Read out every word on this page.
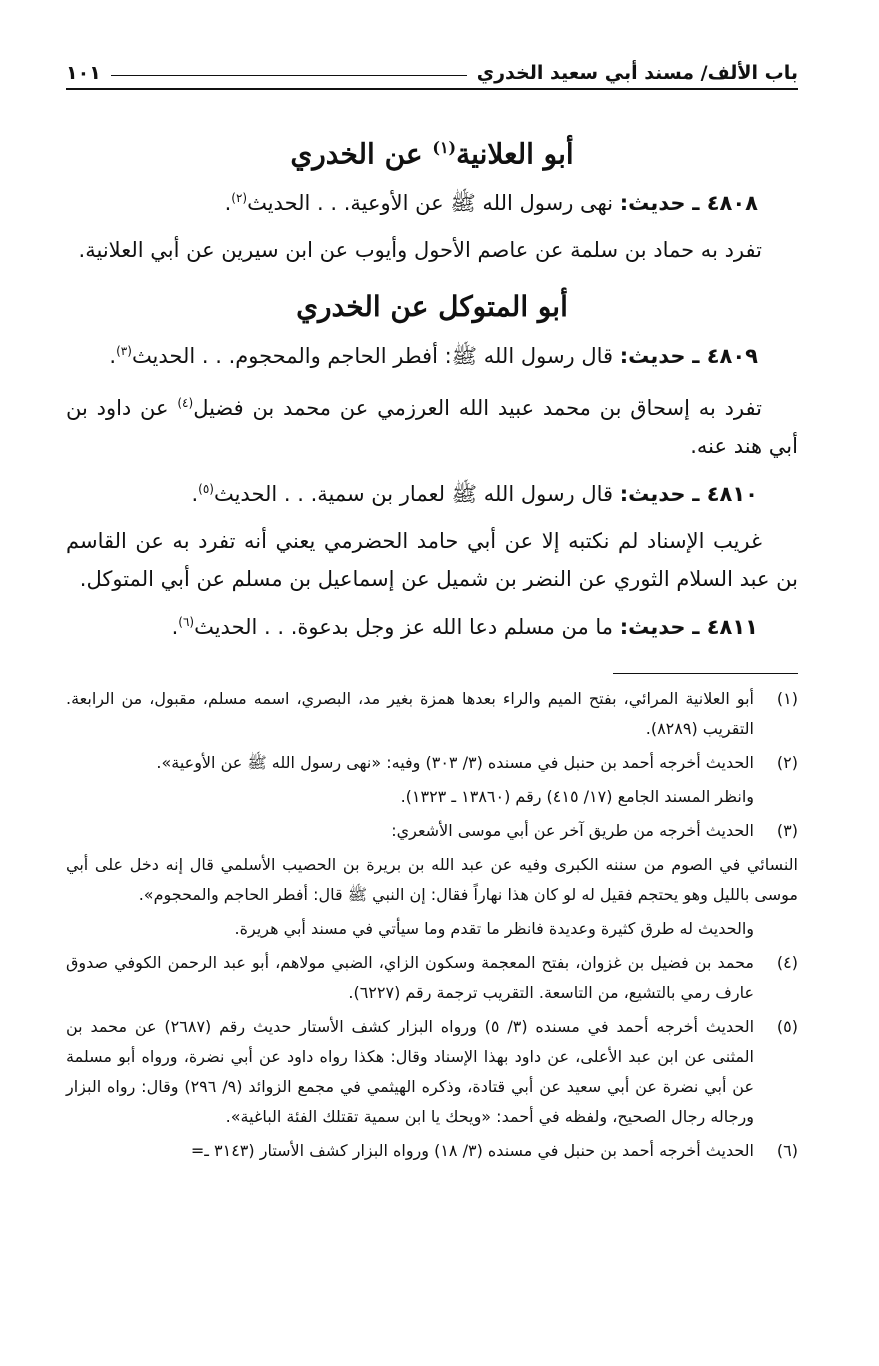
باب الألف/ مسند أبي سعيد الخدري
١٠١
أبو العلانية$^{(١)}$ عن الخدري

٤٨٠٨ ـ حديث: نهى رسول الله ﷺ عن الأوعية. . . الحديث$^{(٢)}$.

تفرد به حماد بن سلمة عن عاصم الأحول وأيوب عن ابن سيرين عن أبي العلانية.

أبو المتوكل عن الخدري

٤٨٠٩ ـ حديث: قال رسول الله ﷺ: أفطر الحاجم والمحجوم. . . الحديث$^{(٣)}$.

تفرد به إسحاق بن محمد عبيد الله العرزمي عن محمد بن فضيل$^{(٤)}$ عن داود بن أبي هند عنه.

٤٨١٠ ـ حديث: قال رسول الله ﷺ لعمار بن سمية. . . الحديث$^{(٥)}$.

غريب الإسناد لم نكتبه إلا عن أبي حامد الحضرمي يعني أنه تفرد به عن القاسم بن عبد السلام الثوري عن النضر بن شميل عن إسماعيل بن مسلم عن أبي المتوكل.

٤٨١١ ـ حديث: ما من مسلم دعا الله عز وجل بدعوة. . . الحديث$^{(٦)}$.

(١)
أبو العلانية المرائي، بفتح الميم والراء بعدها همزة بغير مد، البصري، اسمه مسلم، مقبول، من الرابعة. التقريب (٨٢٨٩).
(٢)
الحديث أخرجه أحمد بن حنبل في مسنده (٣/ ٣٠٣) وفيه: «نهى رسول الله ﷺ عن الأوعية».
وانظر المسند الجامع (١٧/ ٤١٥) رقم (١٣٨٦٠ ـ ١٣٢٣).
(٣)
الحديث أخرجه من طريق آخر عن أبي موسى الأشعري:
النسائي في الصوم من سننه الكبرى وفيه عن عبد الله بن بريرة بن الحصيب الأسلمي قال إنه دخل على أبي موسى بالليل وهو يحتجم فقيل له لو كان هذا نهاراً فقال: إن النبي ﷺ قال: أفطر الحاجم والمحجوم».
والحديث له طرق كثيرة وعديدة فانظر ما تقدم وما سيأتي في مسند أبي هريرة.
(٤)
محمد بن فضيل بن غزوان، بفتح المعجمة وسكون الزاي، الضبي مولاهم، أبو عبد الرحمن الكوفي صدوق عارف رمي بالتشيع، من التاسعة. التقريب ترجمة رقم (٦٢٢٧).
(٥)
الحديث أخرجه أحمد في مسنده (٣/ ٥) ورواه البزار كشف الأستار حديث رقم (٢٦٨٧) عن محمد بن المثنى عن ابن عبد الأعلى، عن داود بهذا الإسناد وقال: هكذا رواه داود عن أبي نضرة، ورواه أبو مسلمة عن أبي نضرة عن أبي سعيد عن أبي قتادة، وذكره الهيثمي في مجمع الزوائد (٩/ ٢٩٦) وقال: رواه البزار ورجاله رجال الصحيح، ولفظه في أحمد: «ويحك يا ابن سمية تقتلك الفئة الباغية».
(٦)
الحديث أخرجه أحمد بن حنبل في مسنده (٣/ ١٨) ورواه البزار كشف الأستار (٣١٤٣ ـ=
